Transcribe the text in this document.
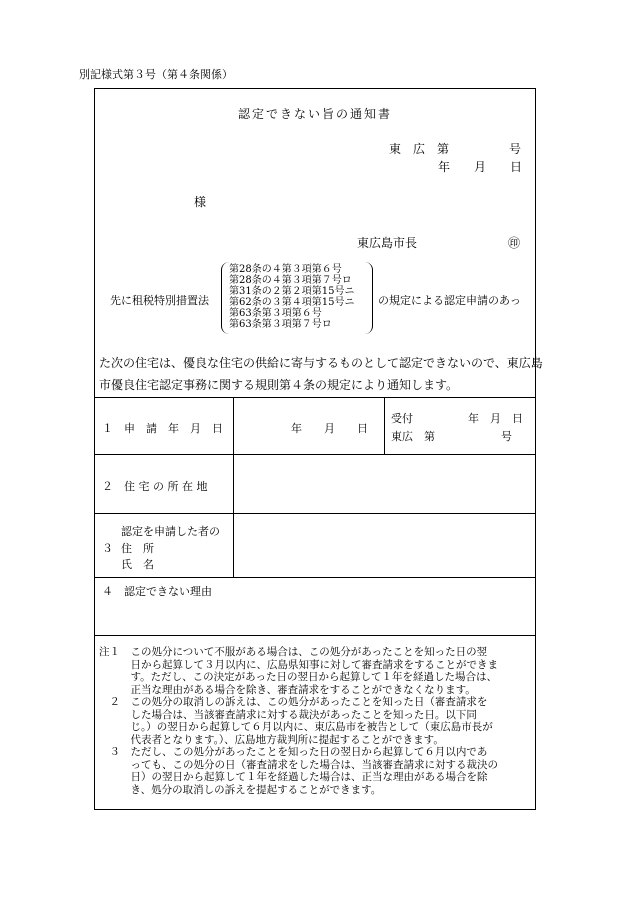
別記様式第３号（第４条関係）
認定できない旨の通知書
東　広　第　　　　　号
年　　月　　日
様
東広島市長	㊞
先に租税特別措置法
第28条の４第３項第６号
第28条の４第３項第７号ロ
第31条の２第２項第15号ニ
第62条の３第４項第15号ニ
第63条第３項第６号
第63条第３項第７号ロ
の規定による認定申請のあっ
た次の住宅は、優良な住宅の供給に寄与するものとして認定できないので、東広島
市優良住宅認定事務に関する規則第４条の規定により通知します。
１　申　請　年　月　日	年　　月　　日
受付　　　　　年　月　日
東広　第　　　　　　号
２　住 宅 の 所 在 地
３
認定を申請した者の
住　所
氏　名
４　認定できない理由
注１　この処分について不服がある場合は、この処分があったことを知った日の翌
　　　日から起算して３月以内に、広島県知事に対して審査請求をすることができま
　　　す。ただし、この決定があった日の翌日から起算して１年を経過した場合は、
　　　正当な理由がある場合を除き、審査請求をすることができなくなります。
　２　この処分の取消しの訴えは、この処分があったことを知った日（審査請求を
　　　した場合は、当該審査請求に対する裁決があったことを知った日。以下同
　　　じ。）の翌日から起算して６月以内に、東広島市を被告として（東広島市長が
　　　代表者となります。）、広島地方裁判所に提起することができます。
　３　ただし、この処分があったことを知った日の翌日から起算して６月以内であ
　　　っても、この処分の日（審査請求をした場合は、当該審査請求に対する裁決の
　　　日）の翌日から起算して１年を経過した場合は、正当な理由がある場合を除
　　　き、処分の取消しの訴えを提起することができます。
